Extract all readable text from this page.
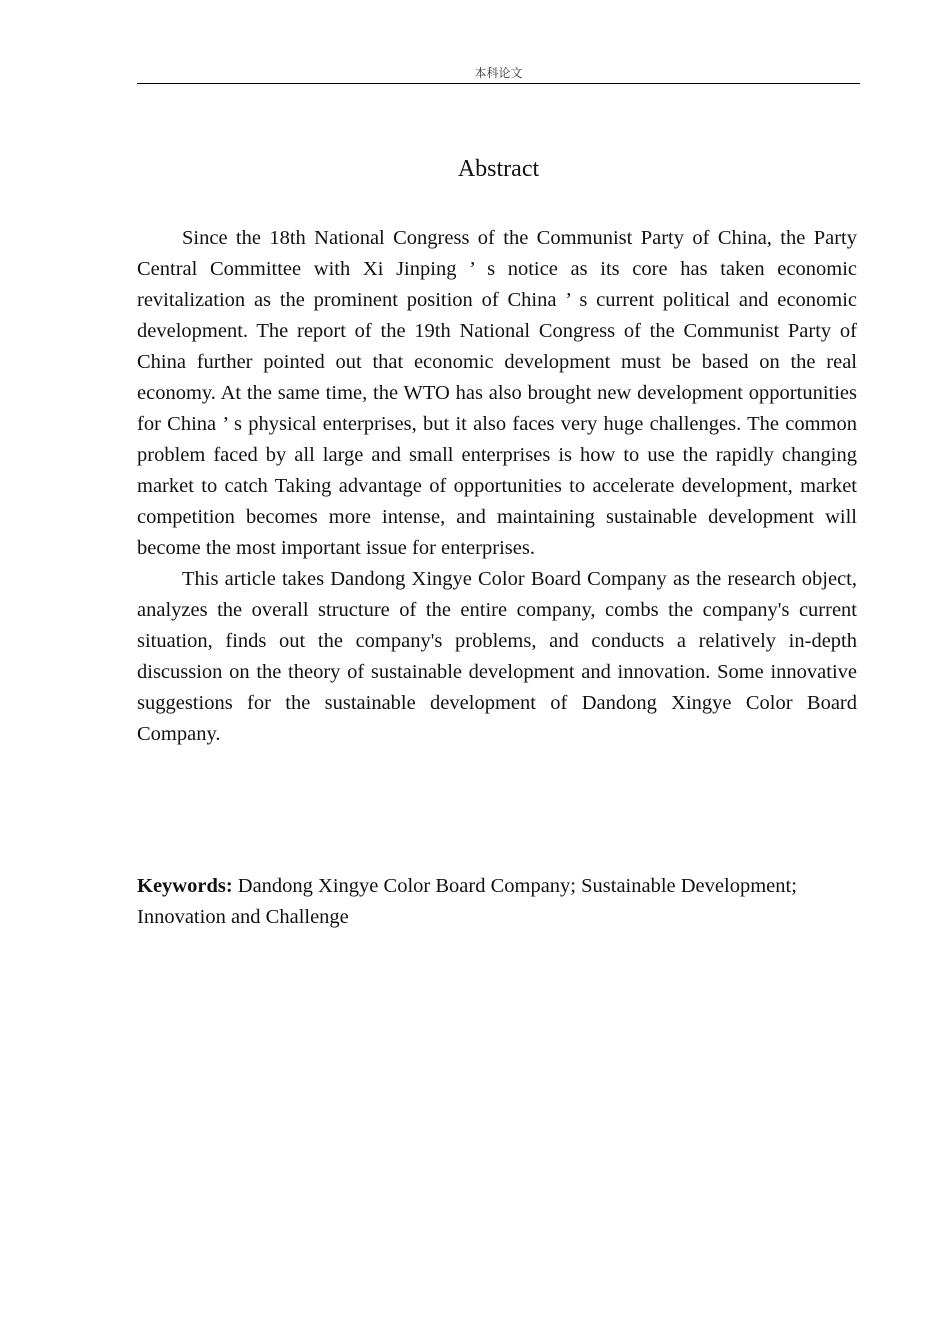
本科论文
Abstract

Since the 18th National Congress of the Communist Party of China, the Party Central Committee with Xi Jinping ’ s notice as its core has taken economic revitalization as the prominent position of China ’ s current political and economic development. The report of the 19th National Congress of the Communist Party of China further pointed out that economic development must be based on the real economy. At the same time, the WTO has also brought new development opportunities for China ’ s physical enterprises, but it also faces very huge challenges. The common problem faced by all large and small enterprises is how to use the rapidly changing market to catch Taking advantage of opportunities to accelerate development, market competition becomes more intense, and maintaining sustainable development will become the most important issue for enterprises.

This article takes Dandong Xingye Color Board Company as the research object, analyzes the overall structure of the entire company, combs the company's current situation, finds out the company's problems, and conducts a relatively in-depth discussion on the theory of sustainable development and innovation. Some innovative suggestions for the sustainable development of Dandong Xingye Color Board Company.

Keywords: Dandong Xingye Color Board Company; Sustainable Development; Innovation and Challenge
